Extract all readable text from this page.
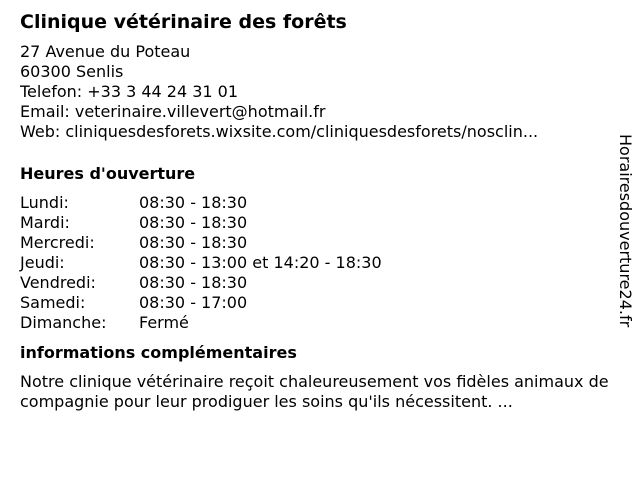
Clinique vétérinaire des forêts
27 Avenue du Poteau
60300 Senlis
Telefon: +33 3 44 24 31 01
Email: veterinaire.villevert@hotmail.fr
Web: cliniquesdesforets.wixsite.com/cliniquesdesforets/nosclin...
Heures d'ouverture
Lundi:	08:30 - 18:30
Mardi:	08:30 - 18:30
Mercredi:	08:30 - 18:30
Jeudi:	08:30 - 13:00 et 14:20 - 18:30
Vendredi:	08:30 - 18:30
Samedi:	08:30 - 17:00
Dimanche: Fermé
informations complémentaires
Notre clinique vétérinaire reçoit chaleureusement vos fidèles animaux de compagnie pour leur prodiguer les soins qu'ils nécessitent. ...
Horairesdouverture24.fr
